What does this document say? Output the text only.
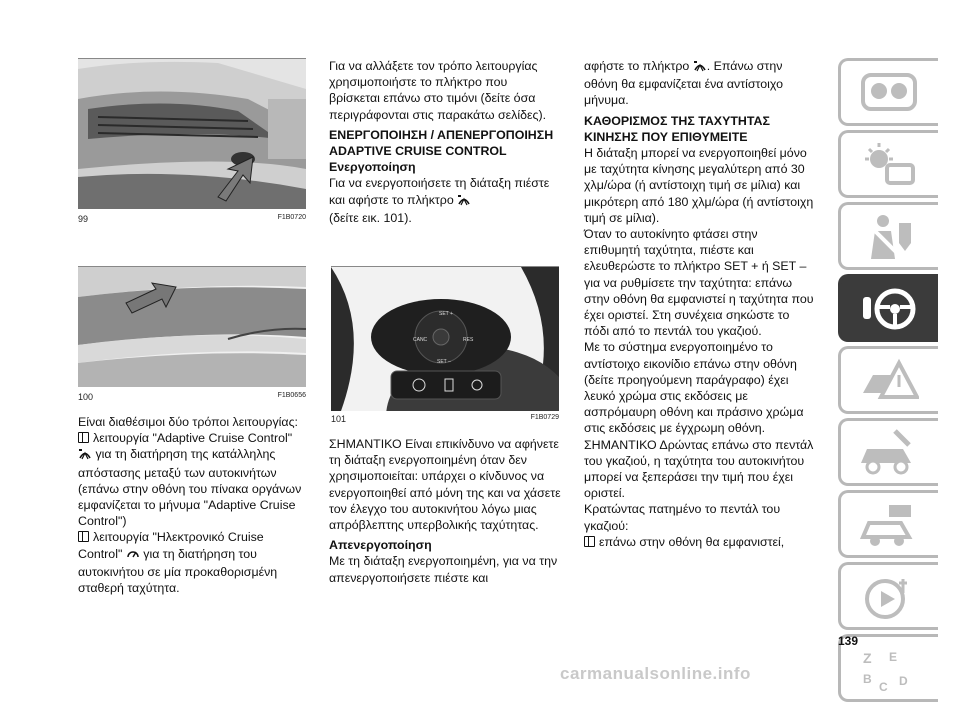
99	F1B0720
100	F1B0656

Είναι διαθέσιμοι δύο τρόποι λειτουργίας:

λειτουργία "Adaptive Cruise Control"

για τη διατήρηση της κατάλληλης απόστασης μεταξύ των αυτοκινήτων (επάνω στην οθόνη του πίνακα οργάνων εμφανίζεται το μήνυμα "Adaptive Cruise Control")

λειτουργία "Ηλεκτρονικό Cruise Control" για τη διατήρηση του αυτοκινήτου σε μία προκαθορισμένη σταθερή ταχύτητα.

Για να αλλάξετε τον τρόπο λειτουργίας χρησιμοποιήστε το πλήκτρο που βρίσκεται επάνω στο τιμόνι (δείτε όσα περιγράφονται στις παρακάτω σελίδες).

ΕΝΕΡΓΟΠΟΙΗΣΗ / ΑΠΕΝΕΡΓΟΠΟΙΗΣΗ ADAPTIVE CRUISE CONTROL
Ενεργοποίηση

Για να ενεργοποιήσετε τη διάταξη πιέστε και αφήστε το πλήκτρο
(δείτε εικ. 101).

SET +
CANC	RES
SET –
101	F1B0729

ΣΗΜΑΝΤΙΚΟ Είναι επικίνδυνο να αφήνετε τη διάταξη ενεργοποιημένη όταν δεν χρησιμοποιείται: υπάρχει ο κίνδυνος να ενεργοποιηθεί από μόνη της και να χάσετε τον έλεγχο του αυτοκινήτου λόγω μιας απρόβλεπτης υπερβολικής ταχύτητας.

Απενεργοποίηση

Με τη διάταξη ενεργοποιημένη, για να την απενεργοποιήσετε πιέστε και

αφήστε το πλήκτρο . Επάνω στην οθόνη θα εμφανίζεται ένα αντίστοιχο μήνυμα.

ΚΑΘΟΡΙΣΜΟΣ ΤΗΣ ΤΑΧΥΤΗΤΑΣ ΚΙΝΗΣΗΣ ΠΟΥ ΕΠΙΘΥΜΕΙΤΕ

Η διάταξη μπορεί να ενεργοποιηθεί μόνο με ταχύτητα κίνησης μεγαλύτερη από 30 χλμ/ώρα (ή αντίστοιχη τιμή σε μίλια) και μικρότερη από 180 χλμ/ώρα (ή αντίστοιχη τιμή σε μίλια).

Όταν το αυτοκίνητο φτάσει στην επιθυμητή ταχύτητα, πιέστε και ελευθερώστε το πλήκτρο SET + ή SET – για να ρυθμίσετε την ταχύτητα: επάνω στην οθόνη θα εμφανιστεί η ταχύτητα που έχει οριστεί. Στη συνέχεια σηκώστε το πόδι από το πεντάλ του γκαζιού.

Με το σύστημα ενεργοποιημένο το αντίστοιχο εικονίδιο επάνω στην οθόνη (δείτε προηγούμενη παράγραφο) έχει λευκό χρώμα στις εκδόσεις με ασπρόμαυρη οθόνη και πράσινο χρώμα στις εκδόσεις με έγχρωμη οθόνη.

ΣΗΜΑΝΤΙΚΟ Δρώντας επάνω στο πεντάλ του γκαζιού, η ταχύτητα του αυτοκινήτου μπορεί να ξεπεράσει την τιμή που έχει οριστεί.

Κρατώντας πατημένο το πεντάλ του γκαζιού:

επάνω στην οθόνη θα εμφανιστεί,

Z E
B
C D
139
carmanualsonline.info
